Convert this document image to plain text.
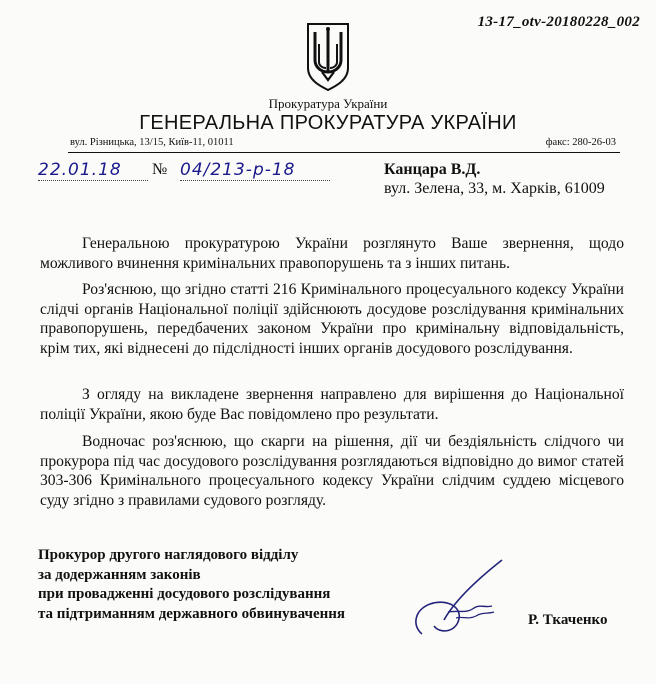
13-17_otv-20180228_002
Прокуратура України
ГЕНЕРАЛЬНА ПРОКУРАТУРА УКРАЇНИ
вул. Різницька, 13/15, Київ-11, 01011	факс: 280-26-03
22.01.18	№ 04/213-р-18	Канцара В.Д.
вул. Зелена, 33, м. Харків, 61009

Генеральною прокуратурою України розглянуто Ваше звернення, щодо можливого вчинення кримінальних правопорушень та з інших питань.

Роз'яснюю, що згідно статті 216 Кримінального процесуального кодексу України слідчі органів Національної поліції здійснюють досудове розслідування кримінальних правопорушень, передбачених законом України про кримінальну відповідальність, крім тих, які віднесені до підслідності інших органів досудового розслідування.

З огляду на викладене звернення направлено для вирішення до Національної поліції України, якою буде Вас повідомлено про результати.

Водночас роз'яснюю, що скарги на рішення, дії чи бездіяльність слідчого чи прокурора під час досудового розслідування розглядаються відповідно до вимог статей 303-306 Кримінального процесуального кодексу України слідчим суддею місцевого суду згідно з правилами судового розгляду.

Прокурор другого наглядового відділу
за додержанням законів
при провадженні досудового розслідування
та підтриманням державного обвинувачення	Р. Ткаченко
